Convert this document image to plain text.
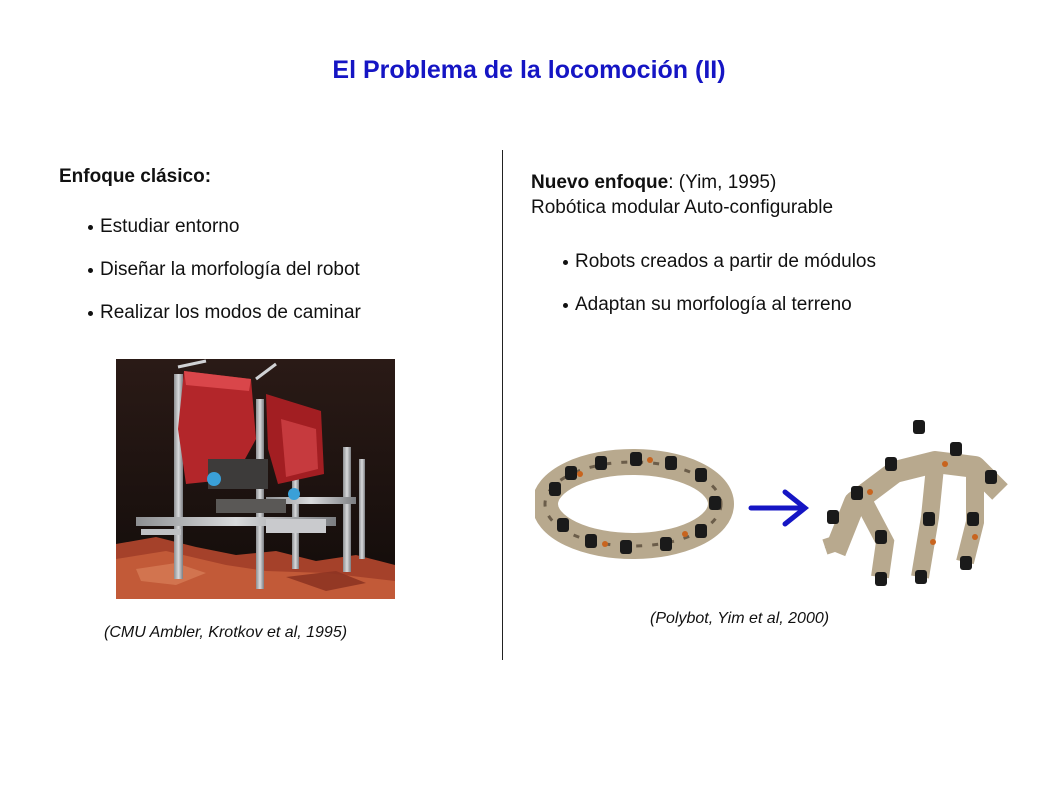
El Problema de la locomoción (II)
Enfoque clásico:
Estudiar entorno
Diseñar la morfología del robot
Realizar los modos de caminar
(CMU Ambler, Krotkov et al, 1995)
Nuevo enfoque: (Yim, 1995)
Robótica modular Auto-configurable
Robots creados a partir de módulos
Adaptan su morfología al terreno
(Polybot, Yim et al, 2000)
